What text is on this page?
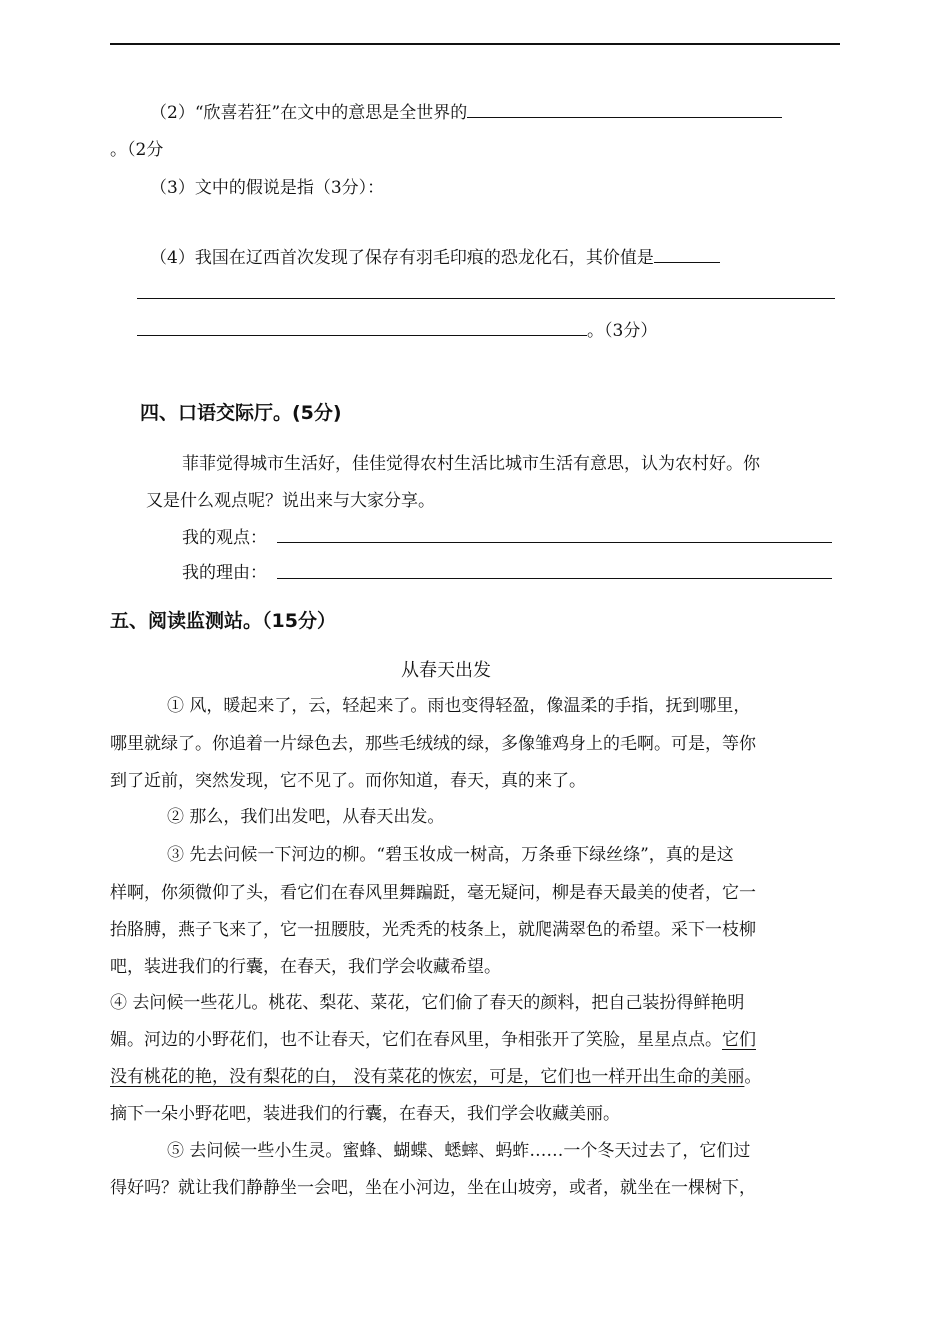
（2）“欣喜若狂”在文中的意思是全世界的
。（2分
（3）文中的假说是指（3分）：
（4）我国在辽西首次发现了保存有羽毛印痕的恐龙化石，其价值是
。（3分）
四、口语交际厅。(5分)
菲菲觉得城市生活好，佳佳觉得农村生活比城市生活有意思，认为农村好。你
又是什么观点呢？说出来与大家分享。
我的观点：
我的理由：
五、阅读监测站。（15分）
从春天出发
① 风，暖起来了，云，轻起来了。雨也变得轻盈，像温柔的手指，抚到哪里，
哪里就绿了。你追着一片绿色去，那些毛绒绒的绿，多像雏鸡身上的毛啊。可是，等你
到了近前，突然发现，它不见了。而你知道，春天，真的来了。
② 那么，我们出发吧，从春天出发。
③ 先去问候一下河边的柳。“碧玉妆成一树高，万条垂下绿丝绦”，真的是这
样啊，你须微仰了头，看它们在春风里舞蹁跹，毫无疑问，柳是春天最美的使者，它一
抬胳膊，燕子飞来了，它一扭腰肢，光秃秃的枝条上，就爬满翠色的希望。采下一枝柳
吧，装进我们的行囊，在春天，我们学会收藏希望。
④ 去问候一些花儿。桃花、梨花、菜花，它们偷了春天的颜料，把自己装扮得鲜艳明
媚。河边的小野花们，也不让春天，它们在春风里，争相张开了笑脸，星星点点。它们
没有桃花的艳，没有梨花的白， 没有菜花的恢宏，可是，它们也一样开出生命的美丽。
摘下一朵小野花吧，装进我们的行囊，在春天，我们学会收藏美丽。
⑤ 去问候一些小生灵。蜜蜂、蝴蝶、蟋蟀、蚂蚱……一个冬天过去了，它们过
得好吗？就让我们静静坐一会吧，坐在小河边，坐在山坡旁，或者，就坐在一棵树下，
